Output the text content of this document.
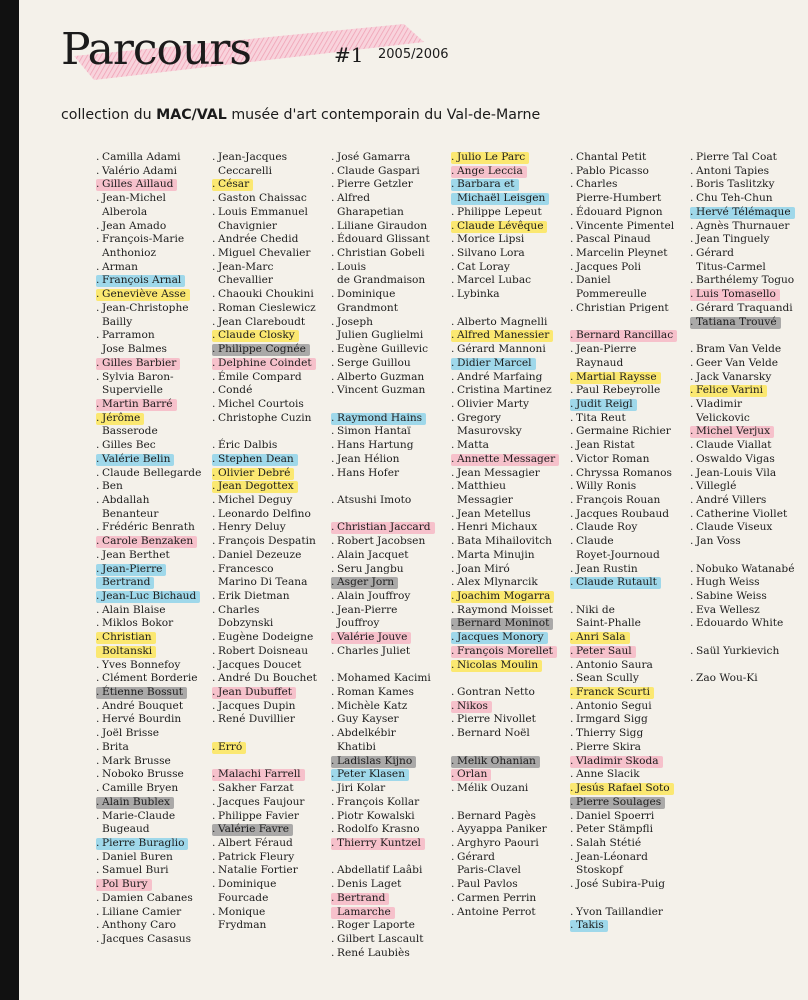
. Camilla Adami
. Valério Adami
. Gilles Aillaud
. Jean-Michel
Alberola
. Jean Amado
. François-Marie
Anthonioz
. Arman
. François Arnal
. Geneviève Asse
. Jean-Christophe
Bailly
. Parramon
Jose Balmes
. Gilles Barbier
. Sylvia Baron-
Supervielle
. Martin Barré
. Jérôme
Basserode
. Gilles Bec
. Valérie Belin
. Claude Bellegarde
. Ben
. Abdallah
Benanteur
. Frédéric Benrath
. Carole Benzaken
. Jean Berthet
. Jean-Pierre
Bertrand
. Jean-Luc Bichaud
. Alain Blaise
. Miklos Bokor
. Christian
Boltanski
. Yves Bonnefoy
. Clément Borderie
. Étienne Bossut
. André Bouquet
. Hervé Bourdin
. Joël Brisse
. Brita
. Mark Brusse
. Noboko Brusse
. Camille Bryen
. Alain Bublex
. Marie-Claude
Bugeaud
. Pierre Buraglio
. Daniel Buren
. Samuel Buri
. Pol Bury
. Damien Cabanes
. Liliane Camier
. Anthony Caro
. Jacques Casasus
. Jean-Jacques
Ceccarelli
. César
. Gaston Chaissac
. Louis Emmanuel
Chavignier
. Andrée Chedid
. Miguel Chevalier
. Jean-Marc
Chevallier
. Chaouki Choukini
. Roman Cieslewicz
. Jean Clareboudt
. Claude Closky
. Philippe Cognée
. Delphine Coindet
. Émile Compard
. Condé
. Michel Courtois
. Christophe Cuzin
. Éric Dalbis
. Stephen Dean
. Olivier Debré
. Jean Degottex
. Michel Deguy
. Leonardo Delfino
. Henry Deluy
. François Despatin
. Daniel Dezeuze
. Francesco
Marino Di Teana
. Erik Dietman
. Charles
Dobzynski
. Eugène Dodeigne
. Robert Doisneau
. Jacques Doucet
. André Du Bouchet
. Jean Dubuffet
. Jacques Dupin
. René Duvillier
. Erró
. Malachi Farrell
. Sakher Farzat
. Jacques Faujour
. Philippe Favier
. Valérie Favre
. Albert Féraud
. Patrick Fleury
. Natalie Fortier
. Dominique
Fourcade
. Monique
Frydman
. José Gamarra
. Claude Gaspari
. Pierre Getzler
. Alfred
Gharapetian
. Liliane Giraudon
. Édouard Glissant
. Christian Gobeli
. Louis
de Grandmaison
. Dominique
Grandmont
. Joseph
Julien Guglielmi
. Eugène Guillevic
. Serge Guillou
. Alberto Guzman
. Vincent Guzman
. Raymond Hains
. Simon Hantaï
. Hans Hartung
. Jean Hélion
. Hans Hofer
. Atsushi Imoto
. Christian Jaccard
. Robert Jacobsen
. Alain Jacquet
. Seru Jangbu
. Asger Jorn
. Alain Jouffroy
. Jean-Pierre
Jouffroy
. Valérie Jouve
. Charles Juliet
. Mohamed Kacimi
. Roman Kames
. Michèle Katz
. Guy Kayser
. Abdelkébir
Khatibi
. Ladislas Kijno
. Peter Klasen
. Jiri Kolar
. François Kollar
. Piotr Kowalski
. Rodolfo Krasno
. Thierry Kuntzel
. Abdellatif Laâbi
. Denis Laget
. Bertrand
Lamarche
. Roger Laporte
. Gilbert Lascault
. René Laubiès
. Julio Le Parc
. Ange Leccia
. Barbara et
Michaël Leisgen
. Philippe Lepeut
. Claude Lévêque
. Morice Lipsi
. Silvano Lora
. Cat Loray
. Marcel Lubac
. Lybinka
. Alberto Magnelli
. Alfred Manessier
. Gérard Mannoni
. Didier Marcel
. André Marfaing
. Cristina Martinez
. Olivier Marty
. Gregory
Masurovsky
. Matta
. Annette Messager
. Jean Messagier
. Matthieu
Messagier
. Jean Metellus
. Henri Michaux
. Bata Mihailovitch
. Marta Minujin
. Joan Miró
. Alex Mlynarcik
. Joachim Mogarra
. Raymond Moisset
. Bernard Moninot
. Jacques Monory
. François Morellet
. Nicolas Moulin
. Gontran Netto
. Nikos
. Pierre Nivollet
. Bernard Noël
. Melik Ohanian
. Orlan
. Mélik Ouzani
. Bernard Pagès
. Ayyappa Paniker
. Arghyro Paouri
. Gérard
Paris-Clavel
. Paul Pavlos
. Carmen Perrin
. Antoine Perrot
. Chantal Petit
. Pablo Picasso
. Charles
Pierre-Humbert
. Édouard Pignon
. Vincente Pimentel
. Pascal Pinaud
. Marcelin Pleynet
. Jacques Poli
. Daniel
Pommereulle
. Christian Prigent
. Bernard Rancillac
. Jean-Pierre
Raynaud
. Martial Raysse
. Paul Rebeyrolle
. Judit Reigl
. Tita Reut
. Germaine Richier
. Jean Ristat
. Victor Roman
. Chryssa Romanos
. Willy Ronis
. François Rouan
. Jacques Roubaud
. Claude Roy
. Claude
Royet-Journoud
. Jean Rustin
. Claude Rutault
. Niki de
Saint-Phalle
. Anri Sala
. Peter Saul
. Antonio Saura
. Sean Scully
. Franck Scurti
. Antonio Segui
. Irmgard Sigg
. Thierry Sigg
. Pierre Skira
. Vladimir Skoda
. Anne Slacik
. Jesús Rafael Soto
. Pierre Soulages
. Daniel Spoerri
. Peter Stämpfli
. Salah Stétié
. Jean-Léonard
Stoskopf
. José Subira-Puig
. Yvon Taillandier
. Takis
. Pierre Tal Coat
. Antoni Tapies
. Boris Taslitzky
. Chu Teh-Chun
. Hervé Télémaque
. Agnès Thurnauer
. Jean Tinguely
. Gérard
Titus-Carmel
. Barthélemy Toguo
. Luis Tomasello
. Gérard Traquandi
. Tatiana Trouvé
. Bram Van Velde
. Geer Van Velde
. Jack Vanarsky
. Felice Varini
. Vladimir
Velickovic
. Michel Verjux
. Claude Viallat
. Oswaldo Vigas
. Jean-Louis Vila
. Villeglé
. André Villers
. Catherine Viollet
. Claude Viseux
. Jan Voss
. Nobuko Watanabé
. Hugh Weiss
. Sabine Weiss
. Eva Wellesz
. Edouardo White
. Saül Yurkievich
. Zao Wou-Ki
Parcours	#1 2005/2006
collection du MAC/VAL musée d'art contemporain du Val-de-Marne
